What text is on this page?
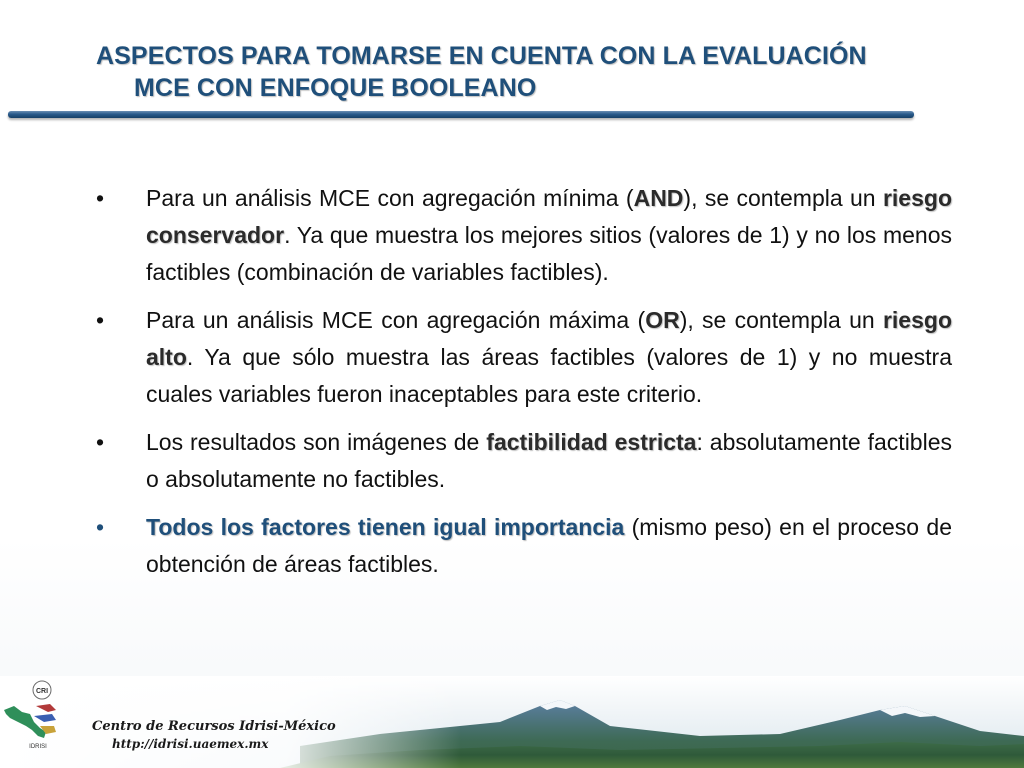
ASPECTOS PARA TOMARSE EN CUENTA CON LA EVALUACIÓN
MCE CON ENFOQUE BOOLEANO
•	Para un análisis MCE con agregación mínima (AND), se contempla un riesgo conservador. Ya que muestra los mejores sitios (valores de 1) y no los menos factibles (combinación de variables factibles).
•	Para un análisis MCE con agregación máxima (OR), se contempla un riesgo alto. Ya que sólo muestra las áreas factibles (valores de 1) y no muestra cuales variables fueron inaceptables para este criterio.
•	Los resultados son imágenes de factibilidad estricta: absolutamente factibles o absolutamente no factibles.
•	Todos los factores tienen igual importancia (mismo peso) en el proceso de obtención de áreas factibles.
CRI
IDRISI
Centro de Recursos Idrisi-México
http://idrisi.uaemex.mx
